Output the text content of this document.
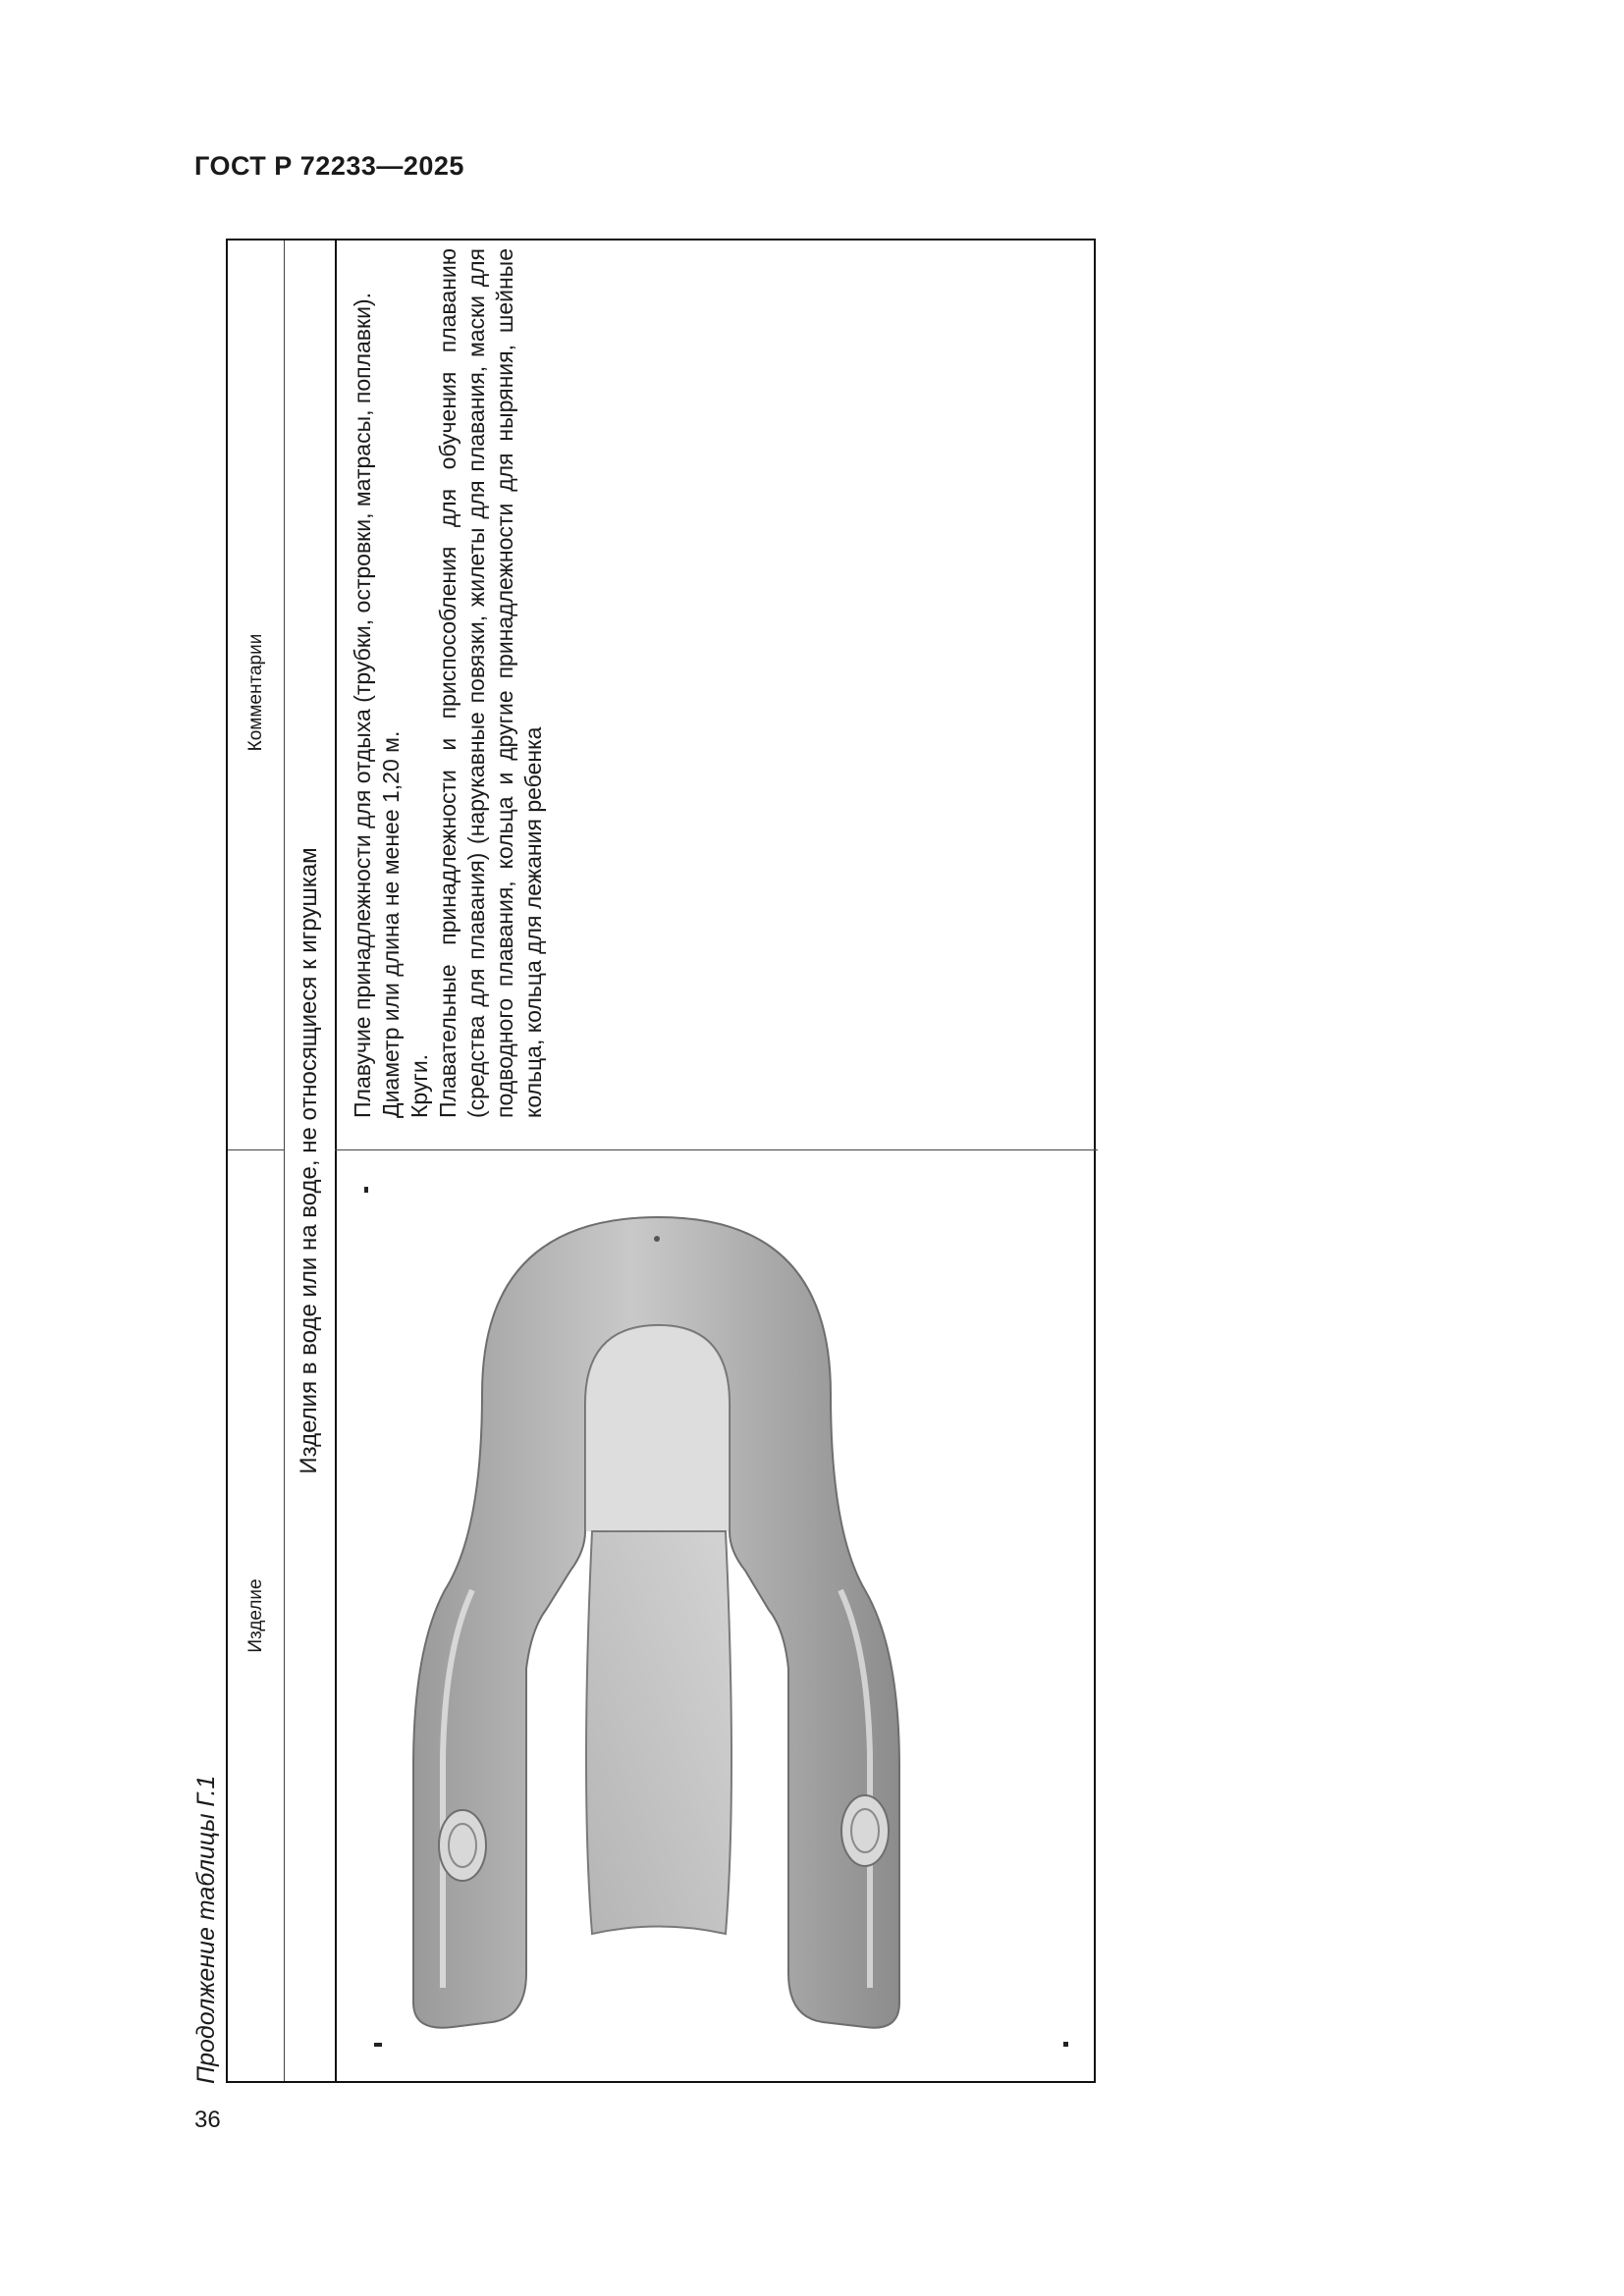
ГОСТ Р 72233—2025
Продолжение таблицы Г.1
Изделие
Комментарии
Изделия в воде или на воде, не относящиеся к игрушкам

Плавучие принадлежности для отдыха (трубки, островки, матрасы, поплавки). Диаметр или длина не менее 1,20 м. Круги. Плавательные принадлежности и приспособления для обучения плаванию (средства для плавания) (нарукавные повязки, жилеты для плавания, маски для подводного плавания, кольца и другие принадлежности для ныряния, шейные кольца, кольца для лежания ребенка

36
